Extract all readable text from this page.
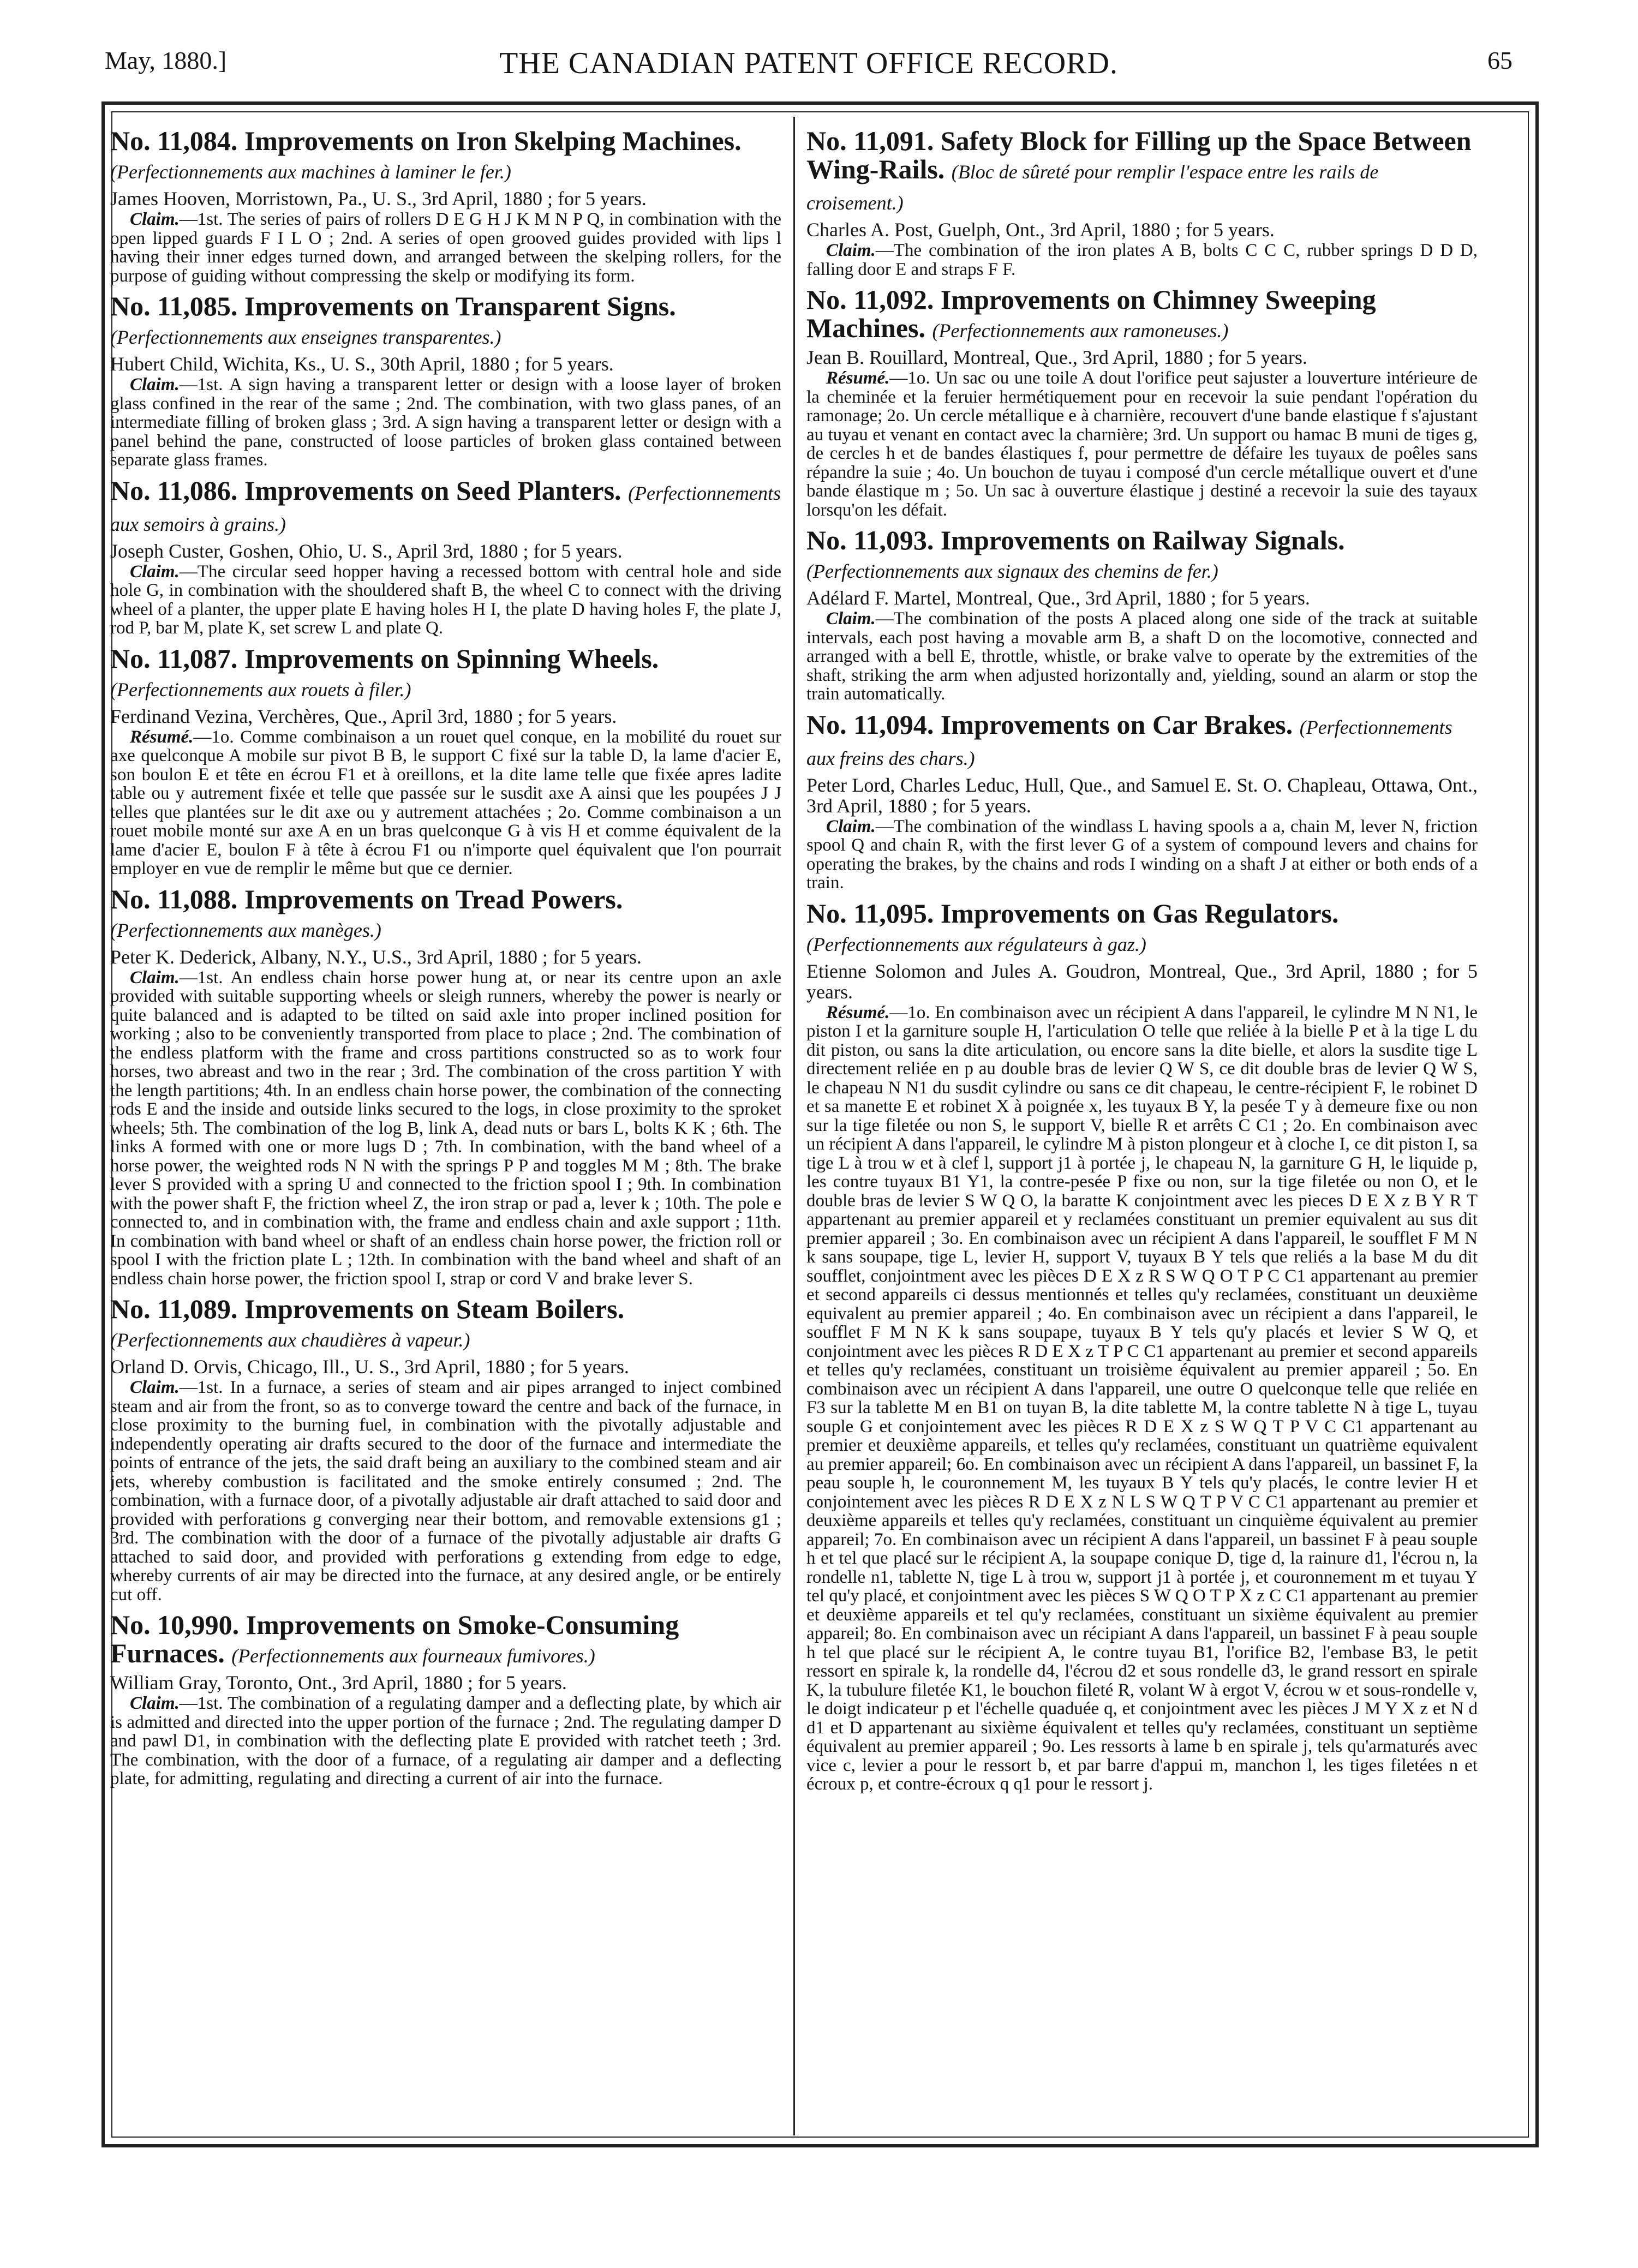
May, 1880.]	THE CANADIAN PATENT OFFICE RECORD.	65
No. 11,084. Improvements on Iron Skelping Machines. (Perfectionnements aux machines à laminer le fer.)
James Hooven, Morristown, Pa., U. S., 3rd April, 1880 ; for 5 years.

Claim.—1st. The series of pairs of rollers D E G H J K M N P Q, in combination with the open lipped guards F I L O ; 2nd. A series of open grooved guides provided with lips l having their inner edges turned down, and arranged between the skelping rollers, for the purpose of guiding without compressing the skelp or modifying its form.

No. 11,085. Improvements on Transparent Signs. (Perfectionnements aux enseignes transparentes.)
Hubert Child, Wichita, Ks., U. S., 30th April, 1880 ; for 5 years.

Claim.—1st. A sign having a transparent letter or design with a loose layer of broken glass confined in the rear of the same ; 2nd. The combination, with two glass panes, of an intermediate filling of broken glass ; 3rd. A sign having a transparent letter or design with a panel behind the pane, constructed of loose particles of broken glass contained between separate glass frames.

No. 11,086. Improvements on Seed Planters. (Perfectionnements aux semoirs à grains.)
Joseph Custer, Goshen, Ohio, U. S., April 3rd, 1880 ; for 5 years.

Claim.—The circular seed hopper having a recessed bottom with central hole and side hole G, in combination with the shouldered shaft B, the wheel C to connect with the driving wheel of a planter, the upper plate E having holes H I, the plate D having holes F, the plate J, rod P, bar M, plate K, set screw L and plate Q.

No. 11,087. Improvements on Spinning Wheels. (Perfectionnements aux rouets à filer.)
Ferdinand Vezina, Verchères, Que., April 3rd, 1880 ; for 5 years.

Résumé.—1o. Comme combinaison a un rouet quel conque, en la mobilité du rouet sur axe quelconque A mobile sur pivot B B, le support C fixé sur la table D, la lame d'acier E, son boulon E et tête en écrou F1 et à oreillons, et la dite lame telle que fixée apres ladite table ou y autrement fixée et telle que passée sur le susdit axe A ainsi que les poupées J J telles que plantées sur le dit axe ou y autrement attachées ; 2o. Comme combinaison a un rouet mobile monté sur axe A en un bras quelconque G à vis H et comme équivalent de la lame d'acier E, boulon F à tête à écrou F1 ou n'importe quel équivalent que l'on pourrait employer en vue de remplir le même but que ce dernier.

No. 11,088. Improvements on Tread Powers. (Perfectionnements aux manèges.)
Peter K. Dederick, Albany, N.Y., U.S., 3rd April, 1880 ; for 5 years.

Claim.—1st. An endless chain horse power hung at, or near its centre upon an axle provided with suitable supporting wheels or sleigh runners, whereby the power is nearly or quite balanced and is adapted to be tilted on said axle into proper inclined position for working ; also to be conveniently transported from place to place ; 2nd. The combination of the endless platform with the frame and cross partitions constructed so as to work four horses, two abreast and two in the rear ; 3rd. The combination of the cross partition Y with the length partitions; 4th. In an endless chain horse power, the combination of the connecting rods E and the inside and outside links secured to the logs, in close proximity to the sproket wheels; 5th. The combination of the log B, link A, dead nuts or bars L, bolts K K ; 6th. The links A formed with one or more lugs D ; 7th. In combination, with the band wheel of a horse power, the weighted rods N N with the springs P P and toggles M M ; 8th. The brake lever S provided with a spring U and connected to the friction spool I ; 9th. In combination with the power shaft F, the friction wheel Z, the iron strap or pad a, lever k ; 10th. The pole e connected to, and in combination with, the frame and endless chain and axle support ; 11th. In combination with band wheel or shaft of an endless chain horse power, the friction roll or spool I with the friction plate L ; 12th. In combination with the band wheel and shaft of an endless chain horse power, the friction spool I, strap or cord V and brake lever S.

No. 11,089. Improvements on Steam Boilers. (Perfectionnements aux chaudières à vapeur.)
Orland D. Orvis, Chicago, Ill., U. S., 3rd April, 1880 ; for 5 years.

Claim.—1st. In a furnace, a series of steam and air pipes arranged to inject combined steam and air from the front, so as to converge toward the centre and back of the furnace, in close proximity to the burning fuel, in combination with the pivotally adjustable and independently operating air drafts secured to the door of the furnace and intermediate the points of entrance of the jets, the said draft being an auxiliary to the combined steam and air jets, whereby combustion is facilitated and the smoke entirely consumed ; 2nd. The combination, with a furnace door, of a pivotally adjustable air draft attached to said door and provided with perforations g converging near their bottom, and removable extensions g1 ; 3rd. The combination with the door of a furnace of the pivotally adjustable air drafts G attached to said door, and provided with perforations g extending from edge to edge, whereby currents of air may be directed into the furnace, at any desired angle, or be entirely cut off.

No. 10,990. Improvements on Smoke-Consuming Furnaces. (Perfectionnements aux fourneaux fumivores.)
William Gray, Toronto, Ont., 3rd April, 1880 ; for 5 years.

Claim.—1st. The combination of a regulating damper and a deflecting plate, by which air is admitted and directed into the upper portion of the furnace ; 2nd. The regulating damper D and pawl D1, in combination with the deflecting plate E provided with ratchet teeth ; 3rd. The combination, with the door of a furnace, of a regulating air damper and a deflecting plate, for admitting, regulating and directing a current of air into the furnace.

No. 11,091. Safety Block for Filling up the Space Between Wing-Rails. (Bloc de sûreté pour remplir l'espace entre les rails de croisement.)
Charles A. Post, Guelph, Ont., 3rd April, 1880 ; for 5 years.

Claim.—The combination of the iron plates A B, bolts C C C, rubber springs D D D, falling door E and straps F F.

No. 11,092. Improvements on Chimney Sweeping Machines. (Perfectionnements aux ramoneuses.)
Jean B. Rouillard, Montreal, Que., 3rd April, 1880 ; for 5 years.

Résumé.—1o. Un sac ou une toile A dout l'orifice peut sajuster a louverture intérieure de la cheminée et la feruier hermétiquement pour en recevoir la suie pendant l'opération du ramonage; 2o. Un cercle métallique e à charnière, recouvert d'une bande elastique f s'ajustant au tuyau et venant en contact avec la charnière; 3rd. Un support ou hamac B muni de tiges g, de cercles h et de bandes élastiques f, pour permettre de défaire les tuyaux de poêles sans répandre la suie ; 4o. Un bouchon de tuyau i composé d'un cercle métallique ouvert et d'une bande élastique m ; 5o. Un sac à ouverture élastique j destiné a recevoir la suie des tayaux lorsqu'on les défait.

No. 11,093. Improvements on Railway Signals. (Perfectionnements aux signaux des chemins de fer.)
Adélard F. Martel, Montreal, Que., 3rd April, 1880 ; for 5 years.

Claim.—The combination of the posts A placed along one side of the track at suitable intervals, each post having a movable arm B, a shaft D on the locomotive, connected and arranged with a bell E, throttle, whistle, or brake valve to operate by the extremities of the shaft, striking the arm when adjusted horizontally and, yielding, sound an alarm or stop the train automatically.

No. 11,094. Improvements on Car Brakes. (Perfectionnements aux freins des chars.)
Peter Lord, Charles Leduc, Hull, Que., and Samuel E. St. O. Chapleau, Ottawa, Ont., 3rd April, 1880 ; for 5 years.

Claim.—The combination of the windlass L having spools a a, chain M, lever N, friction spool Q and chain R, with the first lever G of a system of compound levers and chains for operating the brakes, by the chains and rods I winding on a shaft J at either or both ends of a train.

No. 11,095. Improvements on Gas Regulators. (Perfectionnements aux régulateurs à gaz.)
Etienne Solomon and Jules A. Goudron, Montreal, Que., 3rd April, 1880 ; for 5 years.

Résumé.—1o. En combinaison avec un récipient A dans l'appareil, le cylindre M N N1, le piston I et la garniture souple H, l'articulation O telle que reliée à la bielle P et à la tige L du dit piston, ou sans la dite articulation, ou encore sans la dite bielle, et alors la susdite tige L directement reliée en p au double bras de levier Q W S, ce dit double bras de levier Q W S, le chapeau N N1 du susdit cylindre ou sans ce dit chapeau, le centre-récipient F, le robinet D et sa manette E et robinet X à poignée x, les tuyaux B Y, la pesée T y à demeure fixe ou non sur la tige filetée ou non S, le support V, bielle R et arrêts C C1 ; 2o. En combinaison avec un récipient A dans l'appareil, le cylindre M à piston plongeur et à cloche I, ce dit piston I, sa tige L à trou w et à clef l, support j1 à portée j, le chapeau N, la garniture G H, le liquide p, les contre tuyaux B1 Y1, la contre-pesée P fixe ou non, sur la tige filetée ou non O, et le double bras de levier S W Q O, la baratte K conjointment avec les pieces D E X z B Y R T appartenant au premier appareil et y reclamées constituant un premier equivalent au sus dit premier appareil ; 3o. En combinaison avec un récipient A dans l'appareil, le soufflet F M N k sans soupape, tige L, levier H, support V, tuyaux B Y tels que reliés a la base M du dit soufflet, conjointment avec les pièces D E X z R S W Q O T P C C1 appartenant au premier et second appareils ci dessus mentionnés et telles qu'y reclamées, constituant un deuxième equivalent au premier appareil ; 4o. En combinaison avec un récipient a dans l'appareil, le soufflet F M N K k sans soupape, tuyaux B Y tels qu'y placés et levier S W Q, et conjointment avec les pièces R D E X z T P C C1 appartenant au premier et second appareils et telles qu'y reclamées, constituant un troisième équivalent au premier appareil ; 5o. En combinaison avec un récipient A dans l'appareil, une outre O quelconque telle que reliée en F3 sur la tablette M en B1 on tuyan B, la dite tablette M, la contre tablette N à tige L, tuyau souple G et conjointement avec les pièces R D E X z S W Q T P V C C1 appartenant au premier et deuxième appareils, et telles qu'y reclamées, constituant un quatrième equivalent au premier appareil; 6o. En combinaison avec un récipient A dans l'appareil, un bassinet F, la peau souple h, le couronnement M, les tuyaux B Y tels qu'y placés, le contre levier H et conjointement avec les pièces R D E X z N L S W Q T P V C C1 appartenant au premier et deuxième appareils et telles qu'y reclamées, constituant un cinquième équivalent au premier appareil; 7o. En combinaison avec un récipient A dans l'appareil, un bassinet F à peau souple h et tel que placé sur le récipient A, la soupape conique D, tige d, la rainure d1, l'écrou n, la rondelle n1, tablette N, tige L à trou w, support j1 à portée j, et couronnement m et tuyau Y tel qu'y placé, et conjointment avec les pièces S W Q O T P X z C C1 appartenant au premier et deuxième appareils et tel qu'y reclamées, constituant un sixième équivalent au premier appareil; 8o. En combinaison avec un récipiant A dans l'appareil, un bassinet F à peau souple h tel que placé sur le récipient A, le contre tuyau B1, l'orifice B2, l'embase B3, le petit ressort en spirale k, la rondelle d4, l'écrou d2 et sous rondelle d3, le grand ressort en spirale K, la tubulure filetée K1, le bouchon fileté R, volant W à ergot V, écrou w et sous-rondelle v, le doigt indicateur p et l'échelle quaduée q, et conjointment avec les pièces J M Y X z et N d d1 et D appartenant au sixième équivalent et telles qu'y reclamées, constituant un septième équivalent au premier appareil ; 9o. Les ressorts à lame b en spirale j, tels qu'armaturés avec vice c, levier a pour le ressort b, et par barre d'appui m, manchon l, les tiges filetées n et écroux p, et contre-écroux q q1 pour le ressort j.
